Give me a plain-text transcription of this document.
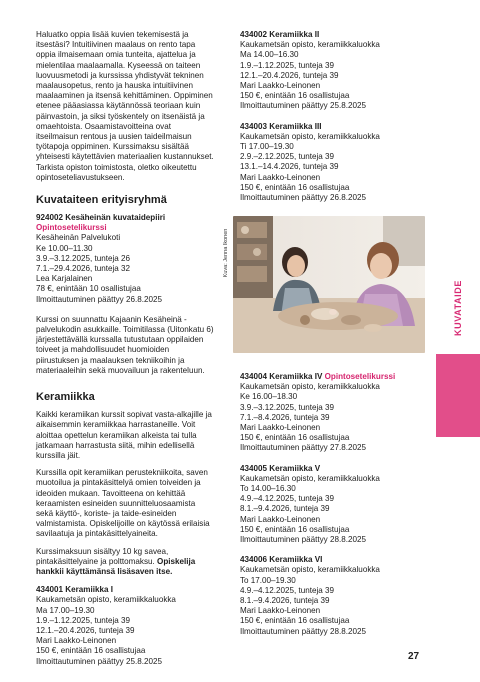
Haluatko oppia lisää kuvien tekemisestä ja itsestäsi? Intuitiivinen maalaus on rento tapa oppia ilmaisemaan omia tunteita, ajattelua ja mielentilaa maalaamalla. Kyseessä on taiteen luovuusmetodi ja kurssissa yhdistyvät tekninen maalausopetus, rento ja hauska intuitiivinen maalaaminen ja itsensä kehittäminen. Oppiminen etenee pääasiassa käytännössä teoriaan kuin päinvastoin, ja siksi työskentely on itsenäistä ja omaehtoista. Osaamistavoitteina ovat itseilmaisun rentous ja uusien taideilmaisun työtapoja oppiminen. Kurssimaksu sisältää yhteisesti käytettävien materiaalien kustannukset. Tarkista opiston toimistosta, oletko oikeutettu opintoseteliavustukseen.

Kuvataiteen erityisryhmä
924002 Kesäheinän kuvataidepiiri
Opintosetelikurssi
Kesäheinän Palvelukoti
Ke 10.00–11.30
3.9.–3.12.2025, tunteja 26
7.1.–29.4.2026, tunteja 32
Lea Karjalainen
78 €, enintään 10 osallistujaa
Ilmoittautuminen päättyy 26.8.2025

Kurssi on suunnattu Kajaanin Kesäheinä -palvelukodin asukkaille. Toimitilassa (Uitonkatu 6) järjestettävällä kurssalla tutustutaan oppilaiden toiveet ja mahdollisuudet huomioiden piirustuksen ja maalauksen tekniikoihin ja materiaaleihin sekä muovailuun ja rakenteluun.

Keramiikka

Kaikki keramiikan kurssit sopivat vasta-alkajille ja aikaisemmin keramiikkaa harrastaneille. Voit aloittaa opettelun keramiikan alkeista tai tulla jatkamaan harrastusta siitä, mihin edellisellä kurssilla jäit.

Kurssilla opit keramiikan perustekniikoita, saven muotoilua ja pintakäsittelyä omien toiveiden ja ideoiden mukaan. Tavoitteena on kehittää keraamisten esineiden suunnitteluosaamista sekä käyttö-, koriste- ja taide-esineiden valmistamista. Opiskelijoille on käytössä erilaisia savilaatuja ja pintakäsittelyaineita.

Kurssimaksuun sisältyy 10 kg savea, pintakäsittelyaine ja polttomaksu. Opiskelija hankkii käyttämänsä lisäsaven itse.

434001 Keramiikka I
Kaukametsän opisto, keramiikkaluokka
Ma 17.00–19.30
1.9.–1.12.2025, tunteja 39
12.1.–20.4.2026, tunteja 39
Mari Laakko-Leinonen
150 €, enintään 16 osallistujaa
Ilmoittautuminen päättyy 25.8.2025
434002 Keramiikka II
Kaukametsän opisto, keramiikkaluokka
Ma 14.00–16.30
1.9.–1.12.2025, tunteja 39
12.1.–20.4.2026, tunteja 39
Mari Laakko-Leinonen
150 €, enintään 16 osallistujaa
Ilmoittautuminen päättyy 25.8.2025
434003 Keramiikka III
Kaukametsän opisto, keramiikkaluokka
Ti 17.00–19.30
2.9.–2.12.2025, tunteja 39
13.1.–14.4.2026, tunteja 39
Mari Laakko-Leinonen
150 €, enintään 16 osallistujaa
Ilmoittautuminen päättyy 26.8.2025
Kuva: Jenna Ikonen
434004 Keramiikka IV Opintosetelikurssi
Kaukametsän opisto, keramiikkaluokka
Ke 16.00–18.30
3.9.–3.12.2025, tunteja 39
7.1.–8.4.2026, tunteja 39
Mari Laakko-Leinonen
150 €, enintään 16 osallistujaa
Ilmoittautuminen päättyy 27.8.2025
434005 Keramiikka V
Kaukametsän opisto, keramiikkaluokka
To 14.00–16.30
4.9.–4.12.2025, tunteja 39
8.1.–9.4.2026, tunteja 39
Mari Laakko-Leinonen
150 €, enintään 16 osallistujaa
Ilmoittautuminen päättyy 28.8.2025
434006 Keramiikka VI
Kaukametsän opisto, keramiikkaluokka
To 17.00–19.30
4.9.–4.12.2025, tunteja 39
8.1.–9.4.2026, tunteja 39
Mari Laakko-Leinonen
150 €, enintään 16 osallistujaa
Ilmoittautuminen päättyy 28.8.2025
KUVATAIDE
27
